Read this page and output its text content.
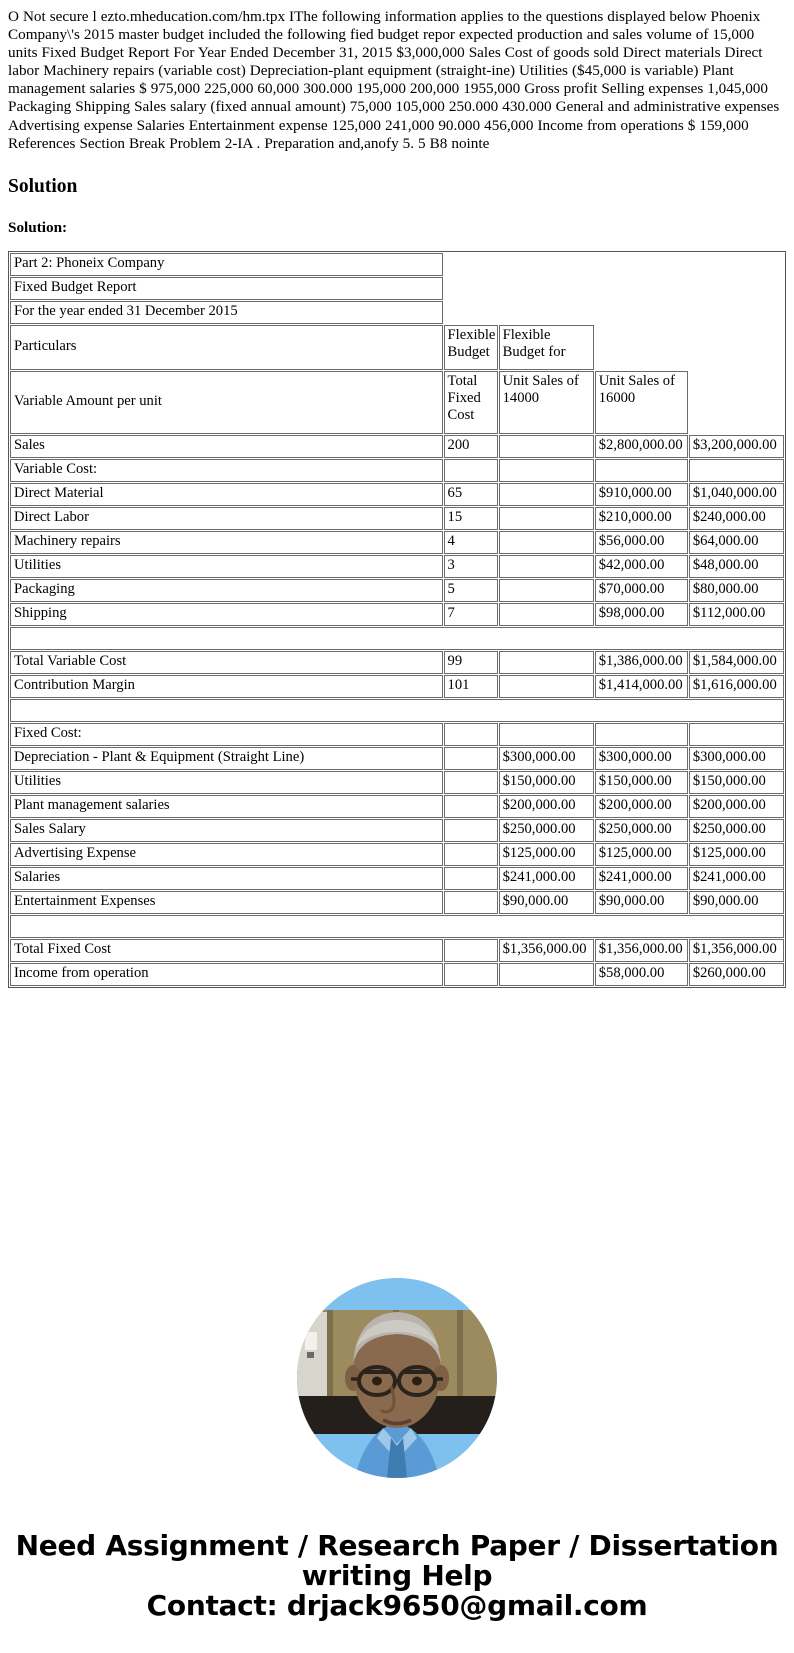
O Not secure l ezto.mheducation.com/hm.tpx IThe following information applies to the questions displayed below Phoenix Company\'s 2015 master budget included the following fied budget repor expected production and sales volume of 15,000 units Fixed Budget Report For Year Ended December 31, 2015 $3,000,000 Sales Cost of goods sold Direct materials Direct labor Machinery repairs (variable cost) Depreciation-plant equipment (straight-ine) Utilities ($45,000 is variable) Plant management salaries $ 975,000 225,000 60,000 300.000 195,000 200,000 1955,000 Gross profit Selling expenses 1,045,000 Packaging Shipping Sales salary (fixed annual amount) 75,000 105,000 250.000 430.000 General and administrative expenses Advertising expense Salaries Entertainment expense 125,000 241,000 90.000 456,000 Income from operations $ 159,000 References Section Break Problem 2-IA . Preparation and,anofy 5. 5 B8 nointe

Solution

Solution:

Part 2: Phoneix Company				
Fixed Budget Report				
For the year ended 31 December 2015				
Particulars	Flexible Budget	Flexible Budget for		
Variable Amount per unit	Total Fixed Cost	Unit Sales of 14000	Unit Sales of 16000	
Sales	200		$2,800,000.00	$3,200,000.00
Variable Cost:				
Direct Material	65		$910,000.00	$1,040,000.00
Direct Labor	15		$210,000.00	$240,000.00
Machinery repairs	4		$56,000.00	$64,000.00
Utilities	3		$42,000.00	$48,000.00
Packaging	5		$70,000.00	$80,000.00
Shipping	7		$98,000.00	$112,000.00

Total Variable Cost	99		$1,386,000.00	$1,584,000.00
Contribution Margin	101		$1,414,000.00	$1,616,000.00

Fixed Cost:				
Depreciation - Plant & Equipment (Straight Line)		$300,000.00	$300,000.00	$300,000.00
Utilities		$150,000.00	$150,000.00	$150,000.00
Plant management salaries		$200,000.00	$200,000.00	$200,000.00
Sales Salary		$250,000.00	$250,000.00	$250,000.00
Advertising Expense		$125,000.00	$125,000.00	$125,000.00
Salaries		$241,000.00	$241,000.00	$241,000.00
Entertainment Expenses		$90,000.00	$90,000.00	$90,000.00

Total Fixed Cost		$1,356,000.00	$1,356,000.00	$1,356,000.00
Income from operation			$58,000.00	$260,000.00
Need Assignment / Research Paper / Dissertation
writing Help
Contact: drjack9650@gmail.com
